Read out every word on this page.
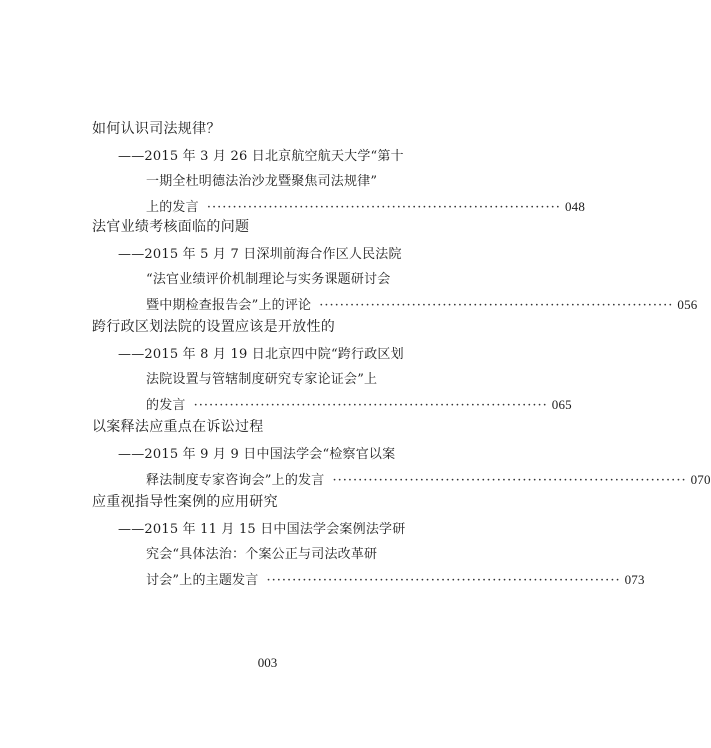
如何认识司法规律？
——2015 年 3 月 26 日北京航空航天大学“第十
一期全杜明德法治沙龙暨聚焦司法规律”
上的发言 ····································································· 048
法官业绩考核面临的问题
——2015 年 5 月 7 日深圳前海合作区人民法院
“法官业绩评价机制理论与实务课题研讨会
暨中期检查报告会”上的评论 ····································································· 056
跨行政区划法院的设置应该是开放性的
——2015 年 8 月 19 日北京四中院“跨行政区划
法院设置与管辖制度研究专家论证会”上
的发言 ····································································· 065
以案释法应重点在诉讼过程
——2015 年 9 月 9 日中国法学会“检察官以案
释法制度专家咨询会”上的发言 ····································································· 070
应重视指导性案例的应用研究
——2015 年 11 月 15 日中国法学会案例法学研
究会“具体法治：个案公正与司法改革研
讨会”上的主题发言 ····································································· 073
003
